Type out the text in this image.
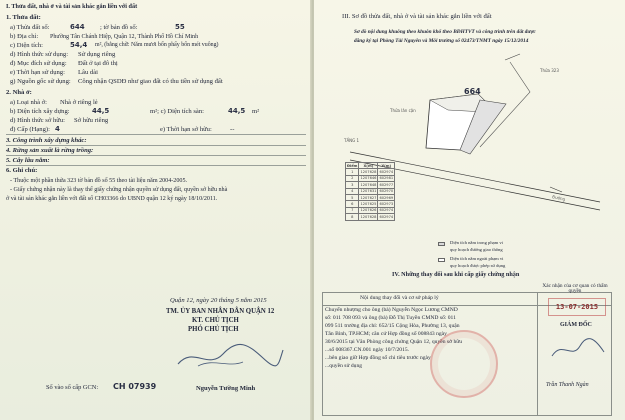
I. Thửa đất, nhà ở và tài sản khác gắn liền với đất
1. Thửa đất:
a) Thửa đất số:	644 ; tờ bản đồ số:	55
b) Địa chỉ: Phường Tân Chánh Hiệp, Quận 12, Thành Phố Hồ Chí Minh
c) Diện tích:	54,4 m², (bằng chữ: Năm mươi bốn phẩy bốn mét vuông)
d) Hình thức sử dụng: Sử dụng riêng
đ) Mục đích sử dụng: Đất ở tại đô thị
e) Thời hạn sử dụng: Lâu dài
g) Nguồn gốc sử dụng: Công nhận QSDĐ như giao đất có thu tiền sử dụng đất
2. Nhà ở:
a) Loại nhà ở: Nhà ở riêng lẻ
b) Diện tích xây dựng:	44,5	m²; c) Diện tích sàn:	44,5 m²
d) Hình thức sở hữu: Sở hữu riêng
đ) Cấp (Hạng): 4	e) Thời hạn sở hữu:	--
3. Công trình xây dựng khác:
4. Rừng sản xuất là rừng trồng:
5. Cây lâu năm:
6. Ghi chú:
- Thuộc một phần thửa 323 tờ bản đồ số 55 theo tài liệu năm 2004-2005.
- Giấy chứng nhận này là thay thế giấy chứng nhận quyền sử dụng đất, quyền sở hữu nhà
ở và tài sản khác gắn liền với đất số CH03366 do UBND quận 12 ký ngày 18/10/2011.
Quận 12, ngày 20 tháng 5 năm 2015
TM. ỦY BAN NHÂN DÂN QUẬN 12
KT. CHỦ TỊCH
PHÓ CHỦ TỊCH
Số vào sổ cấp GCN: CH 07939	Nguyễn Tường Minh
III. Sơ đồ thửa đất, nhà ở và tài sản khác gắn liền với đất
Sơ đồ nội dung khuông theo khuôn khổ theo BĐHTVT và công trình trên đất được
đăng ký tại Phòng Tài Nguyên và Môi trường số 02473/TNMT ngày 15/12/2014
TẦNG 1
Đường
Thửa 323
Thửa lân cận
664
Điểm	X(m)	Y(m)
1	1207628	602974
2	1207646	602981
3	1207648	602977
4	1207631	602970
5	1207627	602969
6	1207625	602973
7	1207626	602974
8	1207628	602974
Diện tích nằm trong phạm vi
quy hoạch đường giao thông
Diện tích nằm ngoài phạm vi
quy hoạch được phép sử dụng
IV. Những thay đổi sau khi cấp giấy chứng nhận
Nội dung thay đổi và cơ sở pháp lý
Xác nhận của cơ quan có thẩm quyền
Chuyển nhượng cho ông (bà) Nguyễn Ngọc Lương CMND
số: 011 708 093 và ông (bà) Đỗ Thị Tuyền CMND số: 011
099 511 trường địa chỉ: 652/15 Cộng Hòa, Phường 13, quận
Tân Bình, TP.HCM; căn cứ Hợp đồng số 008843 ngày
30/6/2015 tại Văn Phòng công chứng Quận 12, quyền sở hữu
...số 008367.CN.001 ngày 10/7/2015.
...bên giao giữ Hợp đồng số chi tiêu trước ngày
...quyền sử dụng
13-07-2015
GIÁM ĐỐC
Trần Thanh Ngàn
